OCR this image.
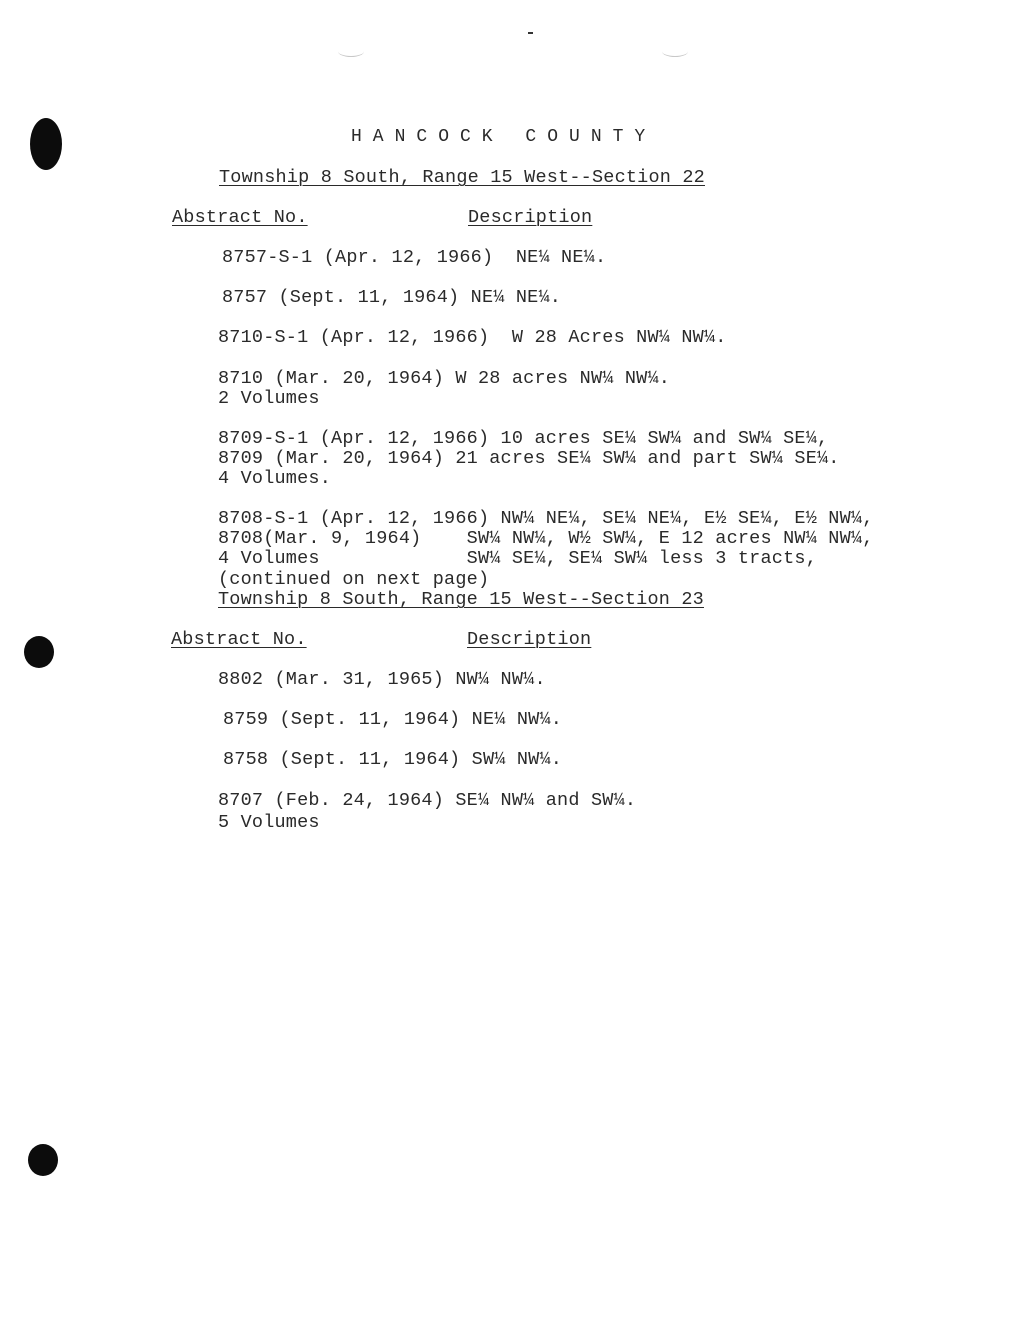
HANCOCK COUNTY
Township 8 South, Range 15 West--Section 22
Abstract No.	Description
8757-S-1 (Apr. 12, 1966)  NE¼ NE¼.
8757 (Sept. 11, 1964) NE¼ NE¼.
8710-S-1 (Apr. 12, 1966)  W 28 Acres NW¼ NW¼.
8710 (Mar. 20, 1964) W 28 acres NW¼ NW¼.
2 Volumes
8709-S-1 (Apr. 12, 1966) 10 acres SE¼ SW¼ and SW¼ SE¼,
8709 (Mar. 20, 1964) 21 acres SE¼ SW¼ and part SW¼ SE¼.
4 Volumes.
8708-S-1 (Apr. 12, 1966) NW¼ NE¼, SE¼ NE¼, E½ SE¼, E½ NW¼,
8708(Mar. 9, 1964)    SW¼ NW¼, W½ SW¼, E 12 acres NW¼ NW¼,
4 Volumes             SW¼ SE¼, SE¼ SW¼ less 3 tracts,
(continued on next page)
Township 8 South, Range 15 West--Section 23
Abstract No.	Description
8802 (Mar. 31, 1965) NW¼ NW¼.
8759 (Sept. 11, 1964) NE¼ NW¼.
8758 (Sept. 11, 1964) SW¼ NW¼.
8707 (Feb. 24, 1964) SE¼ NW¼ and SW¼.
5 Volumes
